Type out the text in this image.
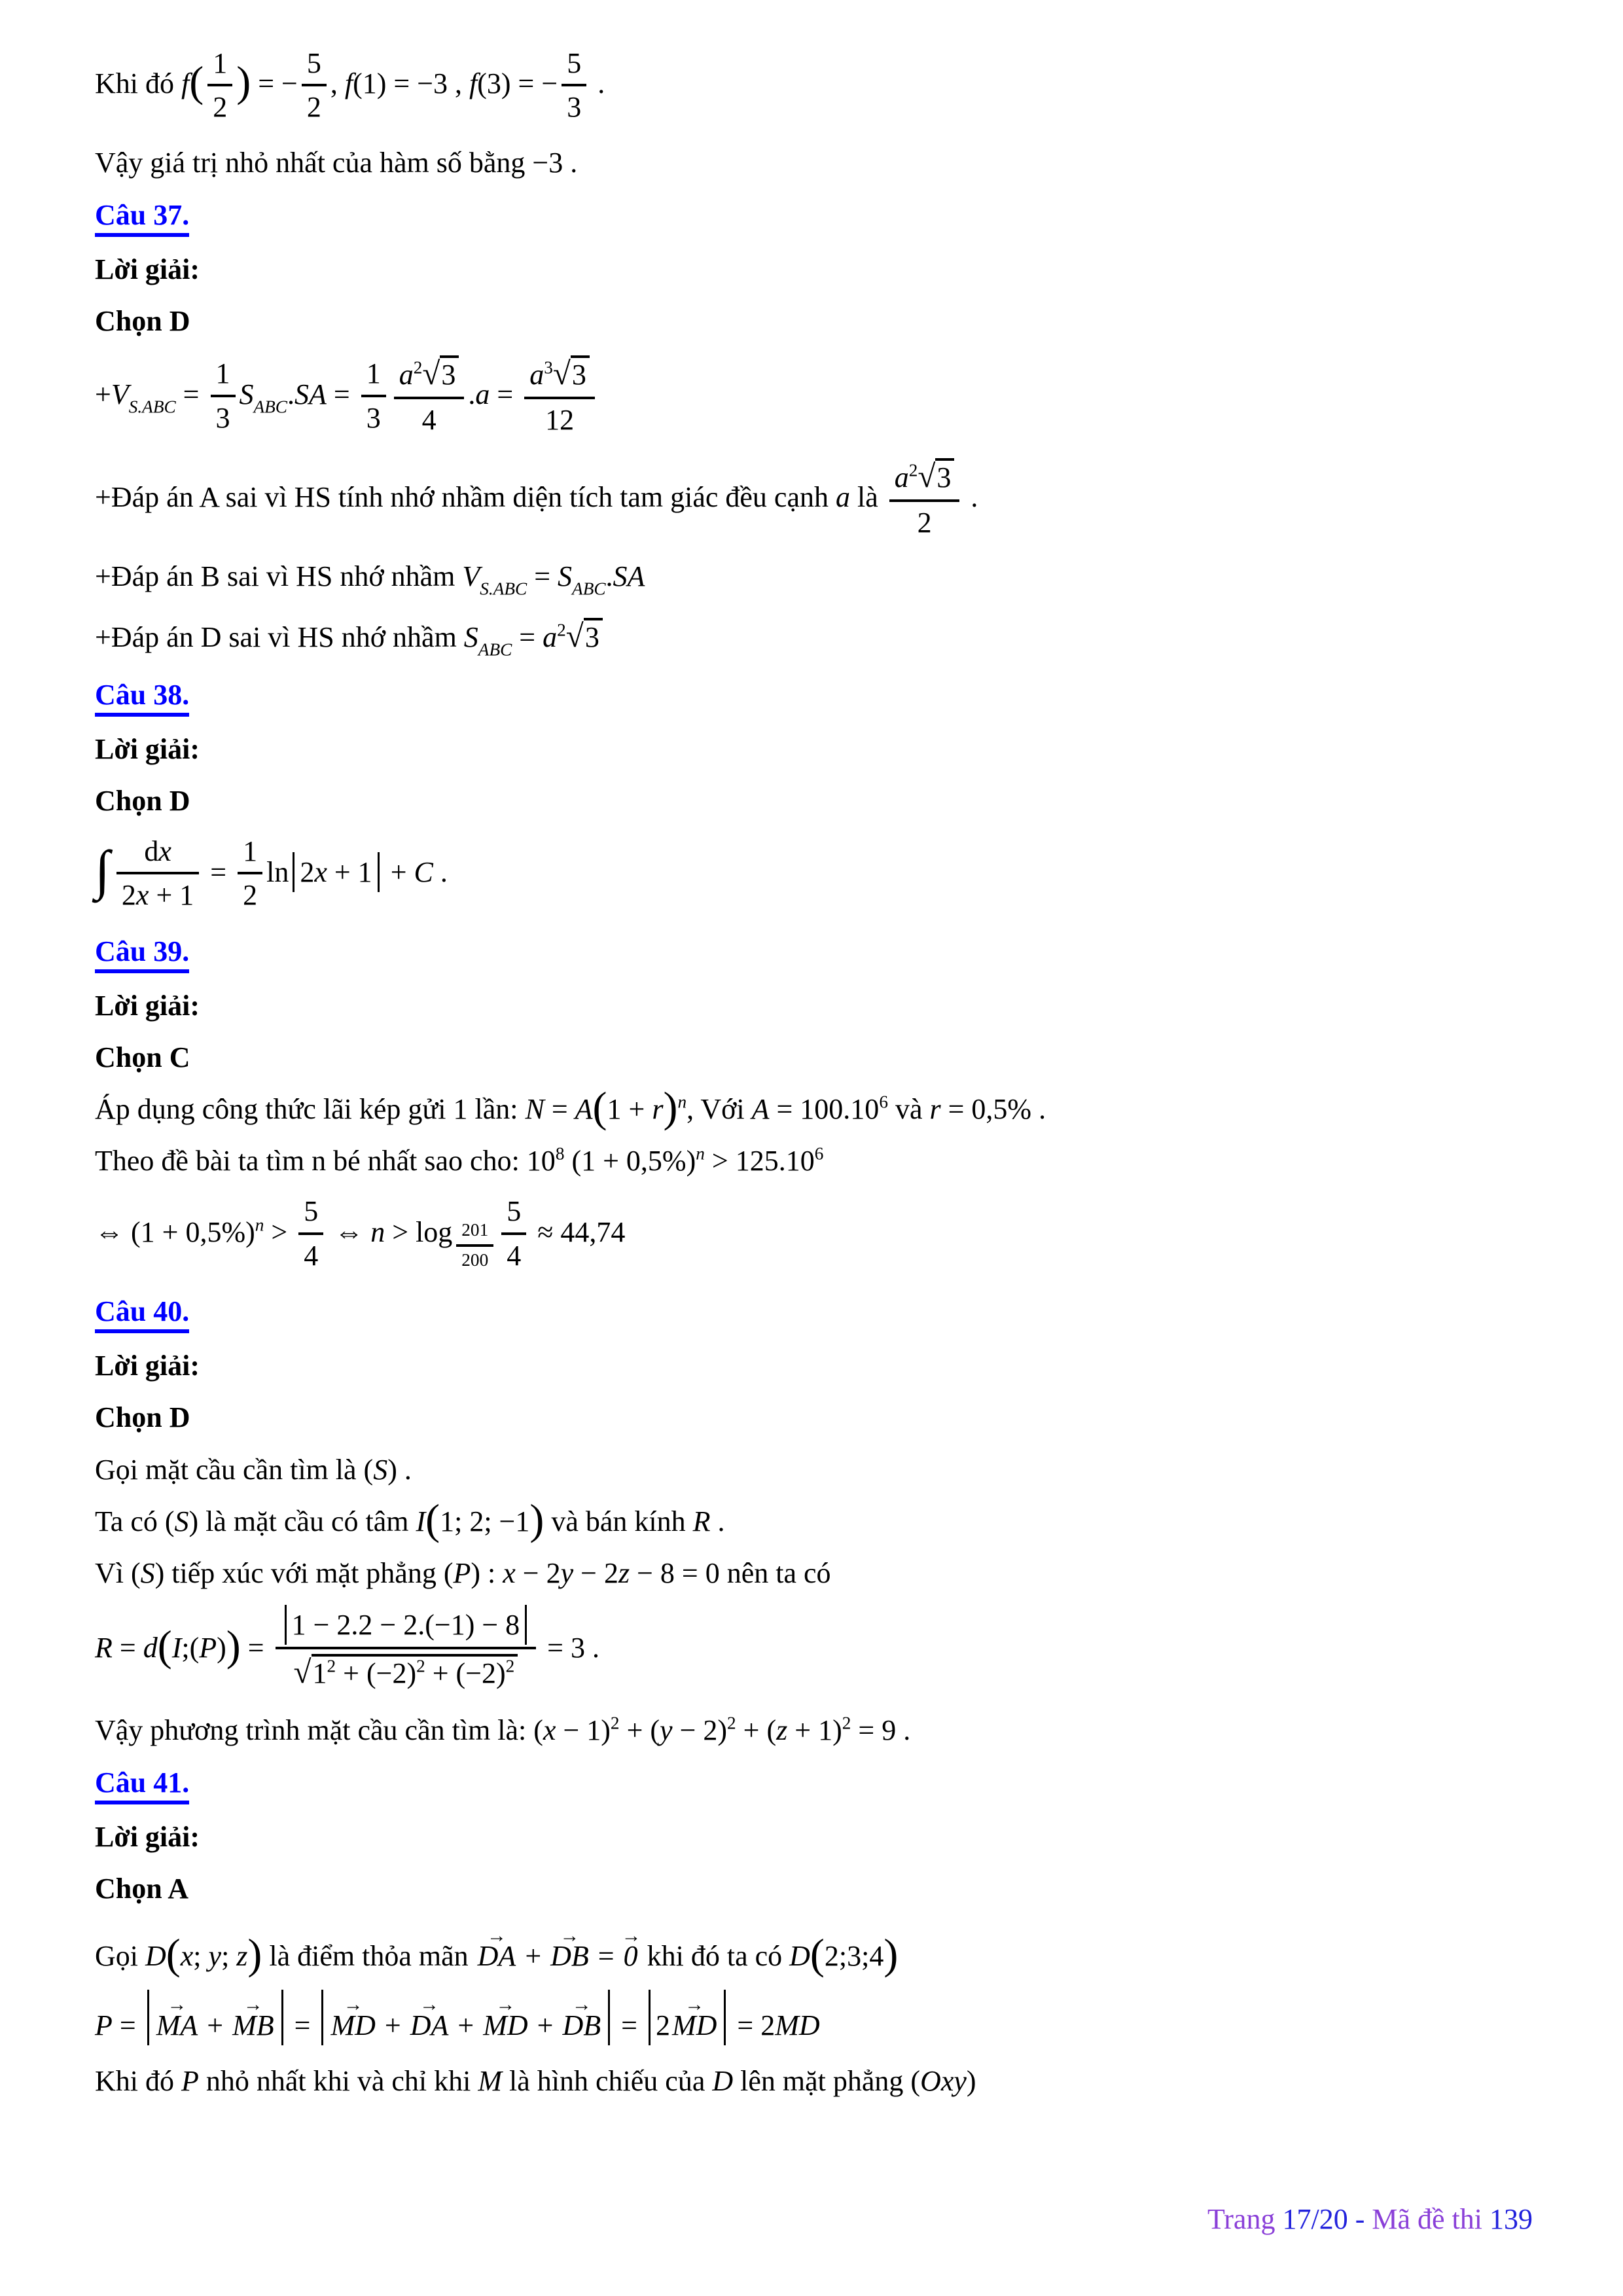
Khi đó $f( \frac{1}{2}$ ) = − $\frac{5}{2}$ , f(1) = −3 , f(3) = − $\frac{5}{3}$ .
Vậy giá trị nhỏ nhất của hàm số bằng −3 .
Câu 37.
Lời giải:
Chọn D
$+V_{S.ABC} = \frac{1}{3} S_{ABC}.SA = \frac{1}{3} \frac{a^2√3}{4} .a = \frac{a^3√3}{12}$
+Đáp án A sai vì HS tính nhớ nhầm diện tích tam giác đều cạnh a là $\frac{a^2√3}{2}$ .
+Đáp án B sai vì HS nhớ nhầm $V_{S.ABC} = S_{ABC}.SA$
+Đáp án D sai vì HS nhớ nhầm $S_{ABC} = a^2√3$
Câu 38.
Lời giải:
Chọn D
∫ $\frac{dx}{2x + 1} = \frac{1}{2}$ ln 2x + 1 + C .
Câu 39.
Lời giải:
Chọn C
Áp dụng công thức lãi kép gửi 1 lần: $N = A(1 + r)^n$, Với $A = 100.10^6$ và r = 0,5% .
Theo đề bài ta tìm n bé nhất sao cho: $10^8$ $(1 + 0,5\%)^n > 125.10^6$
⇔ $(1 + 0,5\%)^n > \frac{5}{4}$ ⇔ $n > \log _{\frac{201}{200}} \frac{5}{4} \approx 44,74$
Câu 40.
Lời giải:
Chọn D
Gọi mặt cầu cần tìm là (S) .
Ta có (S) là mặt cầu có tâm I(1; 2; −1) và bán kính R .
Vì (S) tiếp xúc với mặt phẳng (P) : x − 2y − 2z − 8 = 0 nên ta có
R = d(I;(P)) = $\frac{1 - 2.2 - 2.(-1) - 8}{√1^2 + (-2)^2 + (-2)^2} = 3$ .
Vậy phương trình mặt cầu cần tìm là: $(x - 1)^2 + (y - 2)^2 + (z + 1)^2 = 9$ .
Câu 41.
Lời giải:
Chọn A
Gọi D(x; y; z) là điểm thỏa mãn DA → + DB → = 0 → khi đó ta có D(2;3;4)
P = MA → + MB → = MD → + DA → + MD → + DB → = 2MD → = 2MD
Khi đó P nhỏ nhất khi và chỉ khi M là hình chiếu của D lên mặt phẳng (Oxy)
Trang 17/20 - Mã đề thi 139
